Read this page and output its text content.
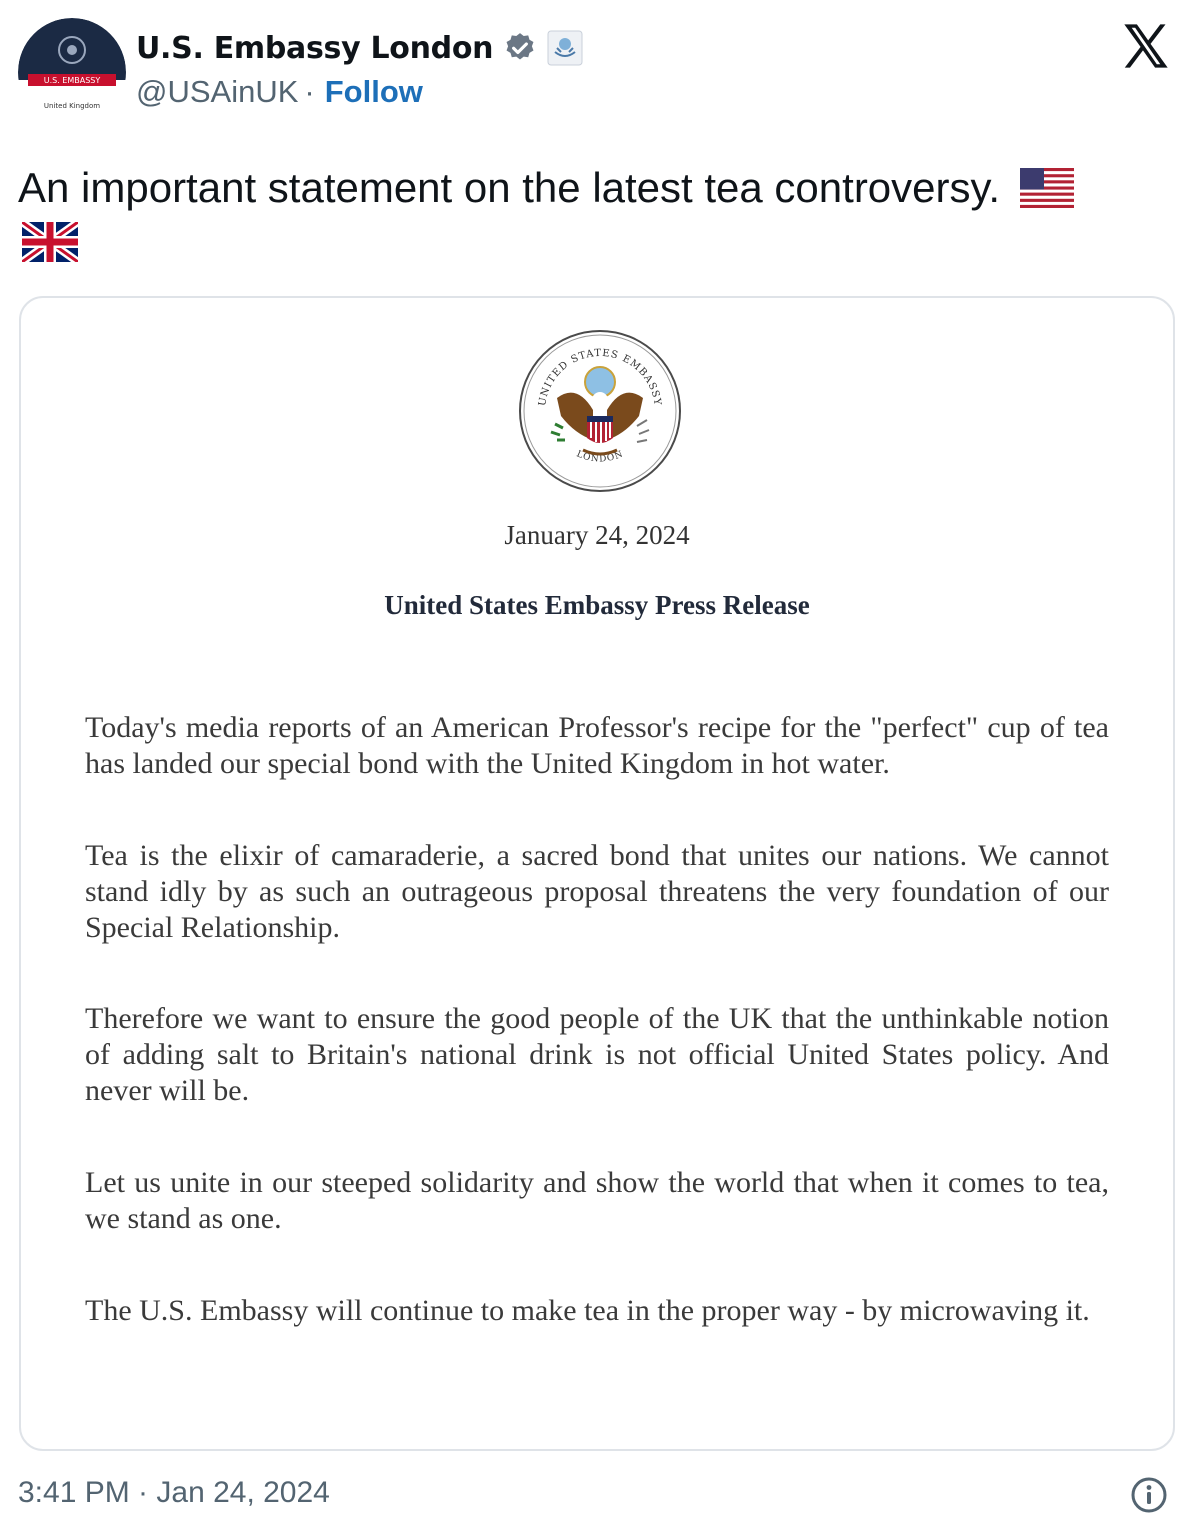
U.S. EMBASSY
United Kingdom
U.S. Embassy London
@USAinUK · Follow
An important statement on the latest tea controversy.

UNITED STATES EMBASSY
LONDON
January 24, 2024
United States Embassy Press Release
Today's media reports of an American Professor's recipe for the "perfect" cup of tea has landed our special bond with the United Kingdom in hot water.
Tea is the elixir of camaraderie, a sacred bond that unites our nations. We cannot stand idly by as such an outrageous proposal threatens the very foundation of our Special Relationship.
Therefore we want to ensure the good people of the UK that the unthinkable notion of adding salt to Britain's national drink is not official United States policy. And never will be.
Let us unite in our steeped solidarity and show the world that when it comes to tea, we stand as one.
The U.S. Embassy will continue to make tea in the proper way - by microwaving it.
3:41 PM · Jan 24, 2024
